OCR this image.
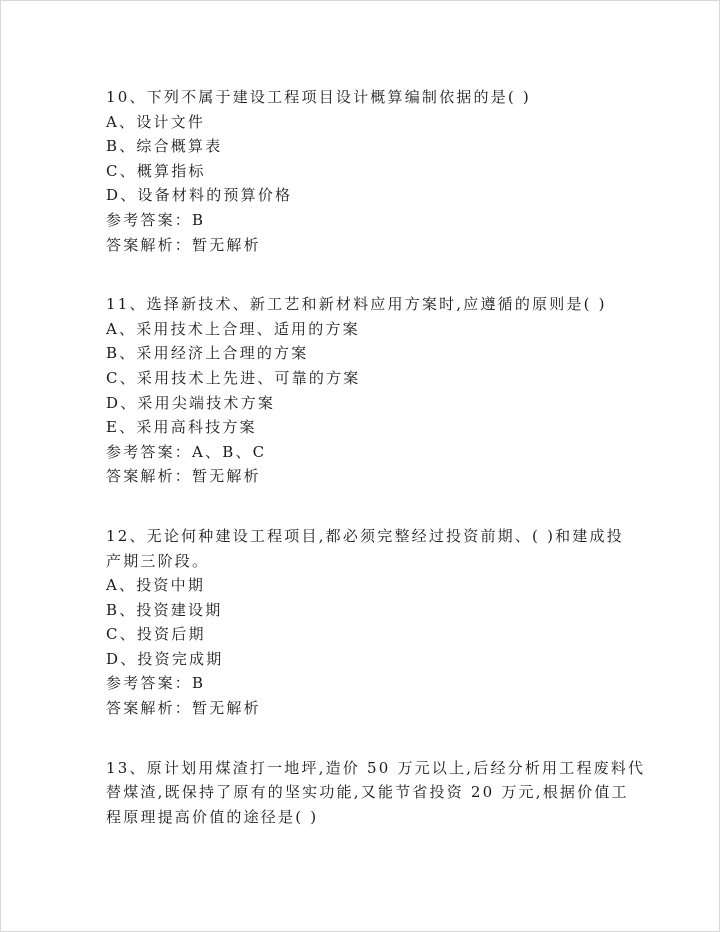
10、下列不属于建设工程项目设计概算编制依据的是( )
A、设计文件
B、综合概算表
C、概算指标
D、设备材料的预算价格
参考答案：B
答案解析：暂无解析
11、选择新技术、新工艺和新材料应用方案时,应遵循的原则是( )
A、采用技术上合理、适用的方案
B、采用经济上合理的方案
C、采用技术上先进、可靠的方案
D、采用尖端技术方案
E、采用高科技方案
参考答案：A、B、C
答案解析：暂无解析
12、无论何种建设工程项目,都必须完整经过投资前期、( )和建成投
产期三阶段。
A、投资中期
B、投资建设期
C、投资后期
D、投资完成期
参考答案：B
答案解析：暂无解析
13、原计划用煤渣打一地坪,造价 50 万元以上,后经分析用工程废料代
替煤渣,既保持了原有的坚实功能,又能节省投资 20 万元,根据价值工
程原理提高价值的途径是( )
